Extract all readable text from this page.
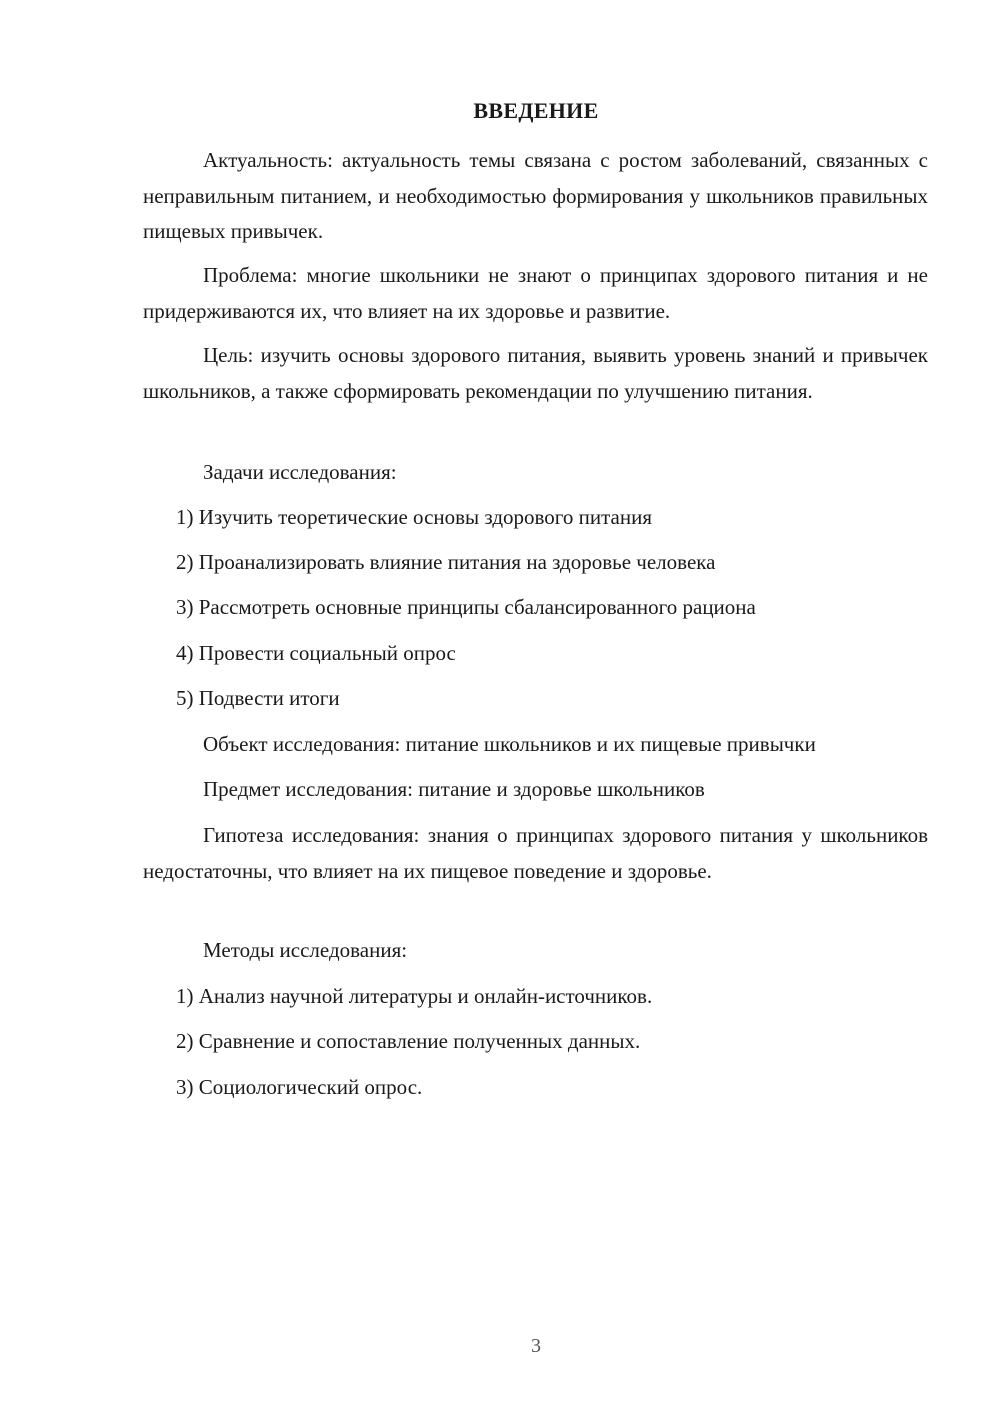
ВВЕДЕНИЕ

Актуальность: актуальность темы связана с ростом заболеваний, связанных с неправильным питанием, и необходимостью формирования у школьников правильных пищевых привычек.

Проблема: многие школьники не знают о принципах здорового питания и не придерживаются их, что влияет на их здоровье и развитие.

Цель: изучить основы здорового питания, выявить уровень знаний и привычек школьников, а также сформировать рекомендации по улучшению питания.

Задачи исследования:
1) Изучить теоретические основы здорового питания
2) Проанализировать влияние питания на здоровье человека
3) Рассмотреть основные принципы сбалансированного рациона
4) Провести социальный опрос
5) Подвести итоги
Объект исследования: питание школьников и их пищевые привычки
Предмет исследования: питание и здоровье школьников

Гипотеза исследования: знания о принципах здорового питания у школьников недостаточны, что влияет на их пищевое поведение и здоровье.

Методы исследования:
1) Анализ научной литературы и онлайн-источников.
2) Сравнение и сопоставление полученных данных.
3) Социологический опрос.
3
